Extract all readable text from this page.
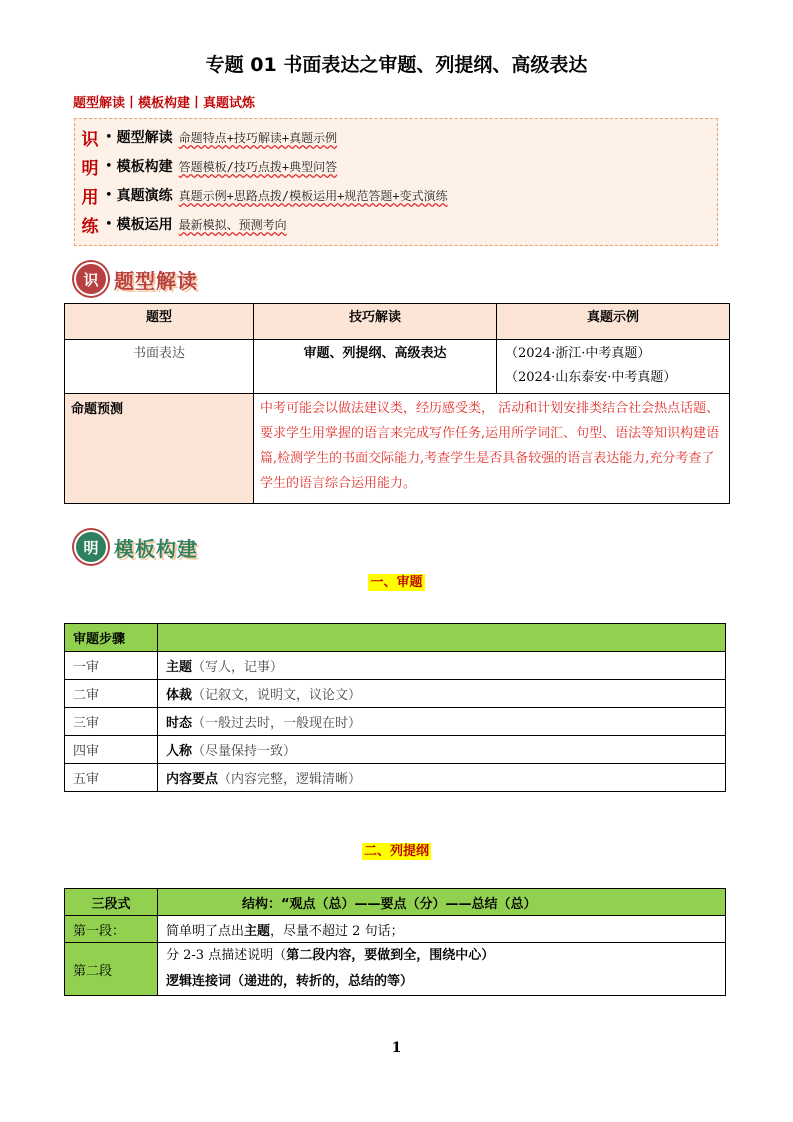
专题 01 书面表达之审题、列提纲、高级表达
题型解读丨模板构建丨真题试炼
识 • 题型解读 命题特点+技巧解读+真题示例
明 • 模板构建 答题模板/技巧点拨+典型问答
用 • 真题演练 真题示例+思路点拨/模板运用+规范答题+变式演练
练 • 模板运用 最新模拟、预测考向
识 题型解读
题型	技巧解读	真题示例
书面表达	审题、列提纲、高级表达	（2024·浙江·中考真题）
（2024·山东泰安·中考真题）

命题预测	中考可能会以做法建议类，经历感受类， 活动和计划安排类结合社会热点话题、要求学生用掌握的语言来完成写作任务,运用所学词汇、句型、语法等知识构建语篇,检测学生的书面交际能力,考查学生是否具备较强的语言表达能力,充分考查了学生的语言综合运用能力。	
明 模板构建
一、审题
审题步骤	
一审	主题（写人，记事）
二审	体裁（记叙文，说明文，议论文）
三审	时态（一般过去时，一般现在时）
四审	人称（尽量保持一致）
五审	内容要点（内容完整，逻辑清晰）
二、列提纲
三段式	结构：“观点（总）——要点（分）——总结（总）
第一段：	简单明了点出主题，尽量不超过 2 句话；
第二段	分 2-3 点描述说明（第二段内容，要做到全，围绕中心）
逻辑连接词（递进的，转折的，总结的等）
1
